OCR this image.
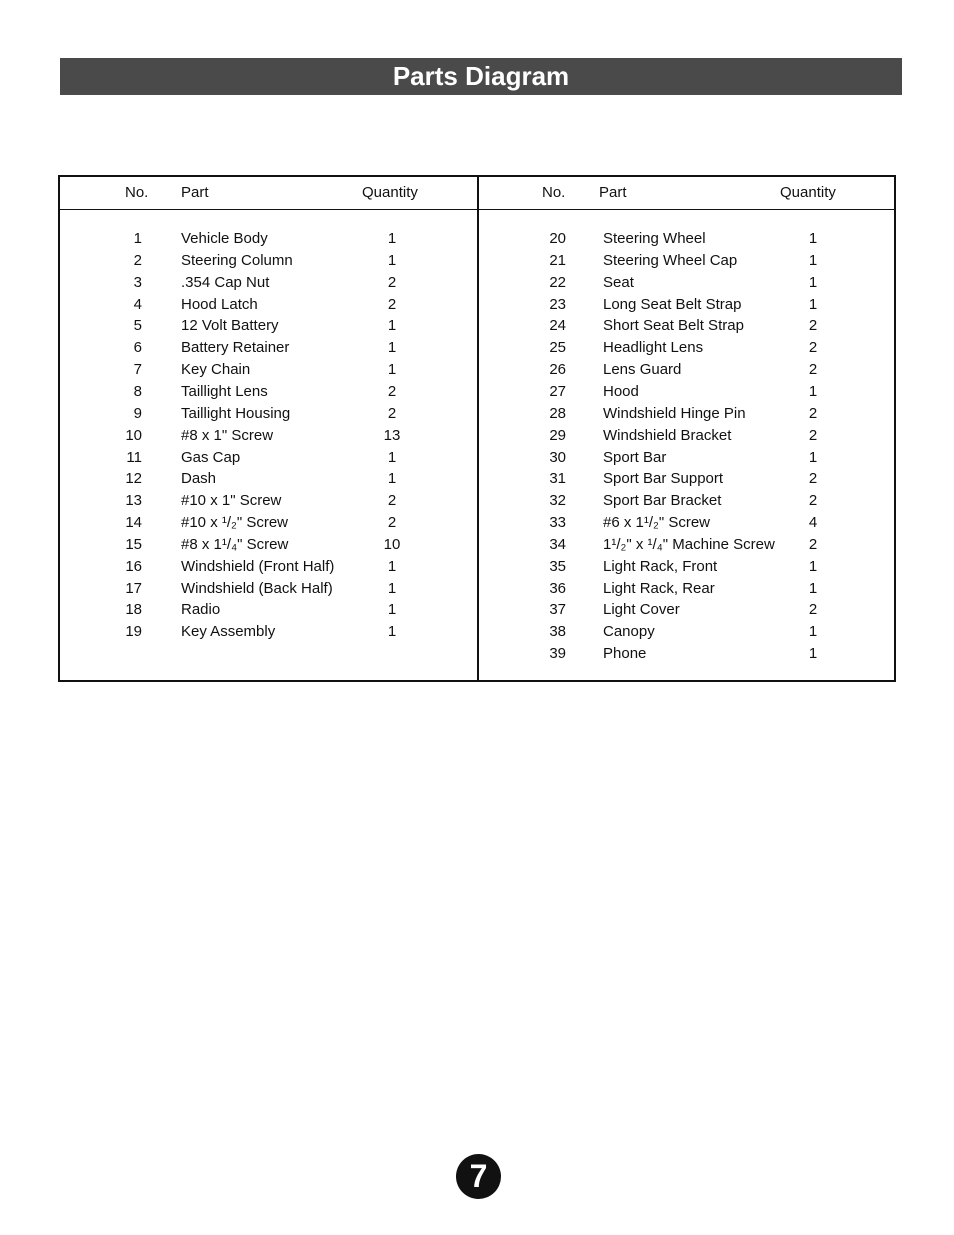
Parts Diagram
No. Part	Quantity
1	Vehicle Body	1
2	Steering Column	1
3	.354 Cap Nut	2
4	Hood Latch	2
5	12 Volt Battery	1
6	Battery Retainer	1
7	Key Chain	1
8	Taillight Lens	2
9	Taillight Housing	2
10	#8 x 1" Screw	13
11	Gas Cap	1
12	Dash	1
13	#10 x 1" Screw	2
14	#10 x ¹/₂" Screw	2
15	#8 x 1¹/₄" Screw	10
16	Windshield (Front Half)	1
17	Windshield (Back Half)	1
18	Radio	1
19	Key Assembly	1
No. Part	Quantity
20 Steering Wheel	1
21 Steering Wheel Cap	1
22 Seat	1
23 Long Seat Belt Strap	1
24 Short Seat Belt Strap	2
25 Headlight Lens	2
26 Lens Guard	2
27 Hood	1
28 Windshield Hinge Pin	2
29 Windshield Bracket	2
30 Sport Bar	1
31 Sport Bar Support	2
32 Sport Bar Bracket	2
33 #6 x 1¹/₂" Screw	4
34 1¹/₂" x ¹/₄" Machine Screw	2
35 Light Rack, Front	1
36 Light Rack, Rear	1
37 Light Cover	2
38 Canopy	1
39 Phone	1
7
